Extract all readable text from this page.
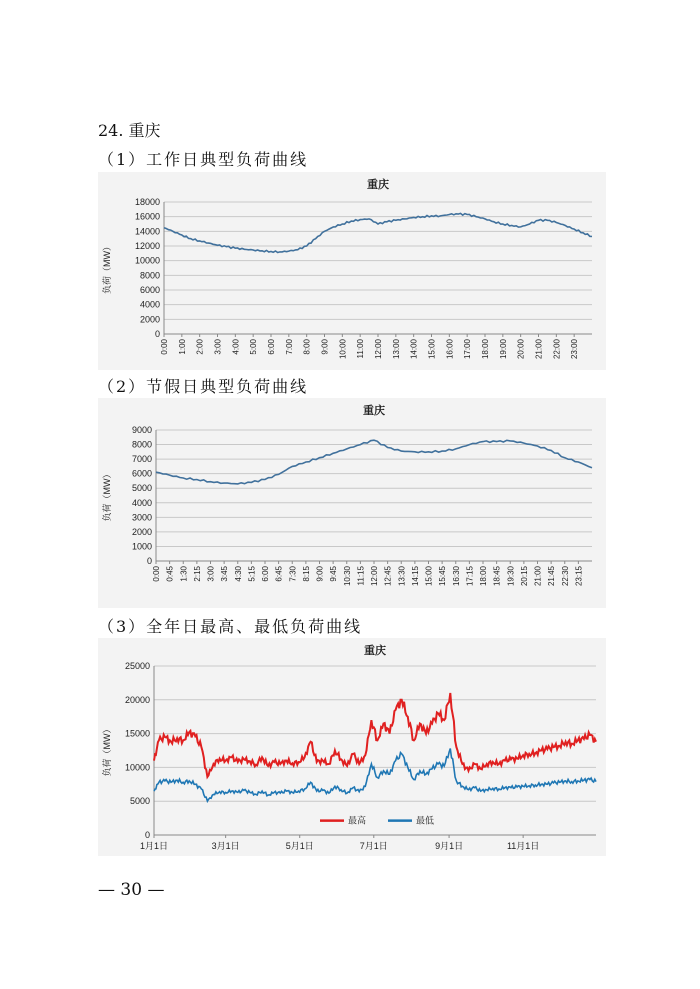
24. 重庆
（1）工作日典型负荷曲线
重庆
0
2000
4000
6000
8000
10000
12000
14000
16000
18000
0:00 1:00 2:00 3:00 4:00 5:00 6:00 7:00 8:00 9:00 10:00 11:00 12:00 13:00 14:00 15:00 16:00 17:00 18:00 19:00 20:00 21:00 22:00 23:00
负荷（MW）
（2）节假日典型负荷曲线
重庆
0
1000
2000
3000
4000
5000
6000
7000
8000
9000
0:00 0:45 1:30 2:15 3:00 3:45 4:30 5:15 6:00 6:45 7:30 8:15 9:00 9:45 10:30 11:15 12:00 12:45 13:30 14:15 15:00 15:45 16:30 17:15 18:00 18:45 19:30 20:15 21:00 21:45 22:30 23:15
负荷（MW）
（3）全年日最高、最低负荷曲线
重庆
0
5000
10000
15000
20000
25000
1月1日	3月1日	5月1日	7月1日	9月1日	11月1日
负荷（MW）
最高	最低
— 30 —
